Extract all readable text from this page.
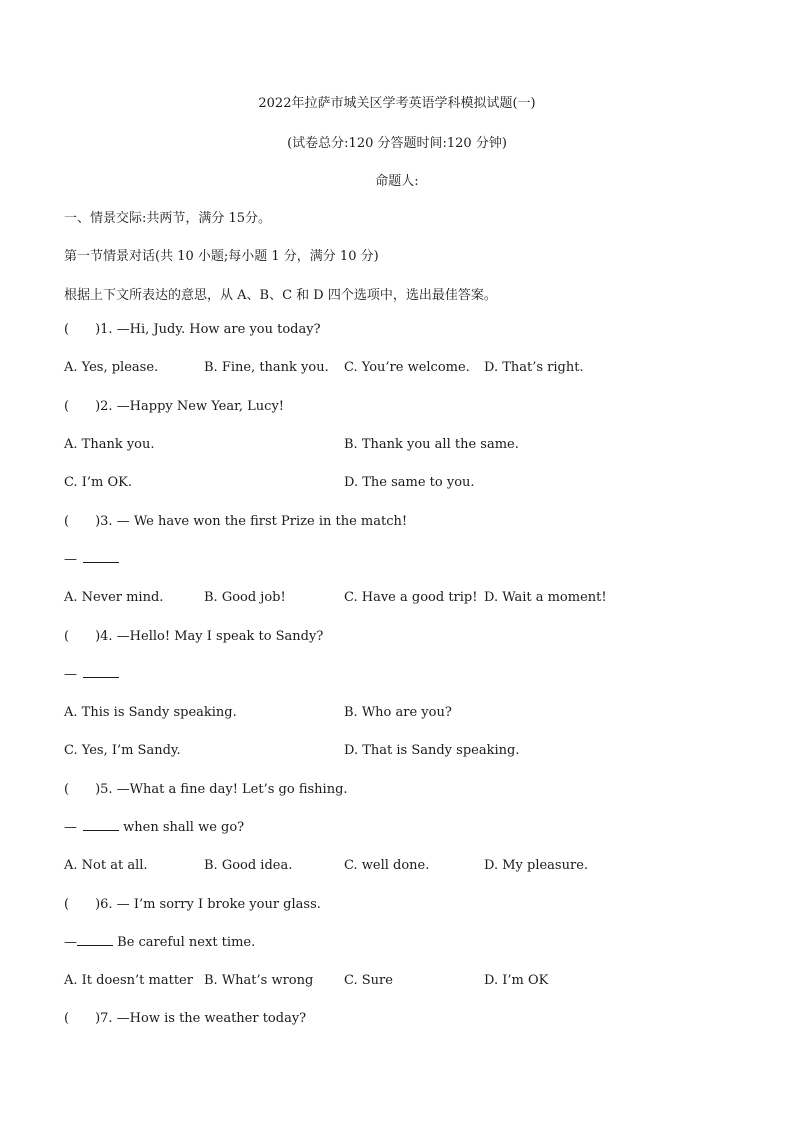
2022年拉萨市城关区学考英语学科模拟试题(一)
(试卷总分:120 分答题时间:120 分钟)
命题人:
一、情景交际:共两节，满分 15分。
第一节情景对话(共 10 小题;每小题 1 分，满分 10 分)
根据上下文所表达的意思，从 A、B、C 和 D 四个选项中，选出最佳答案。
( )1. —Hi, Judy. How are you today?
A. Yes, please.	B. Fine, thank you. C. You’re welcome. D. That’s right.
( )2. —Happy New Year, Lucy!
A. Thank you.	B. Thank you all the same.
C. I’m OK.	D. The same to you.
( )3. — We have won the first Prize in the match!
—
A. Never mind.	B. Good job!	C. Have a good trip! D. Wait a moment!
( )4. —Hello! May I speak to Sandy?
—
A. This is Sandy speaking.	B. Who are you?
C. Yes, I’m Sandy.	D. That is Sandy speaking.
( )5. —What a fine day! Let’s go fishing.
—	when shall we go?
A. Not at all.	B. Good idea.	C. well done.	D. My pleasure.
( )6. — I’m sorry I broke your glass.
—	Be careful next time.
A. It doesn’t matter B. What’s wrong C. Sure	D. I’m OK
( )7. —How is the weather today?
